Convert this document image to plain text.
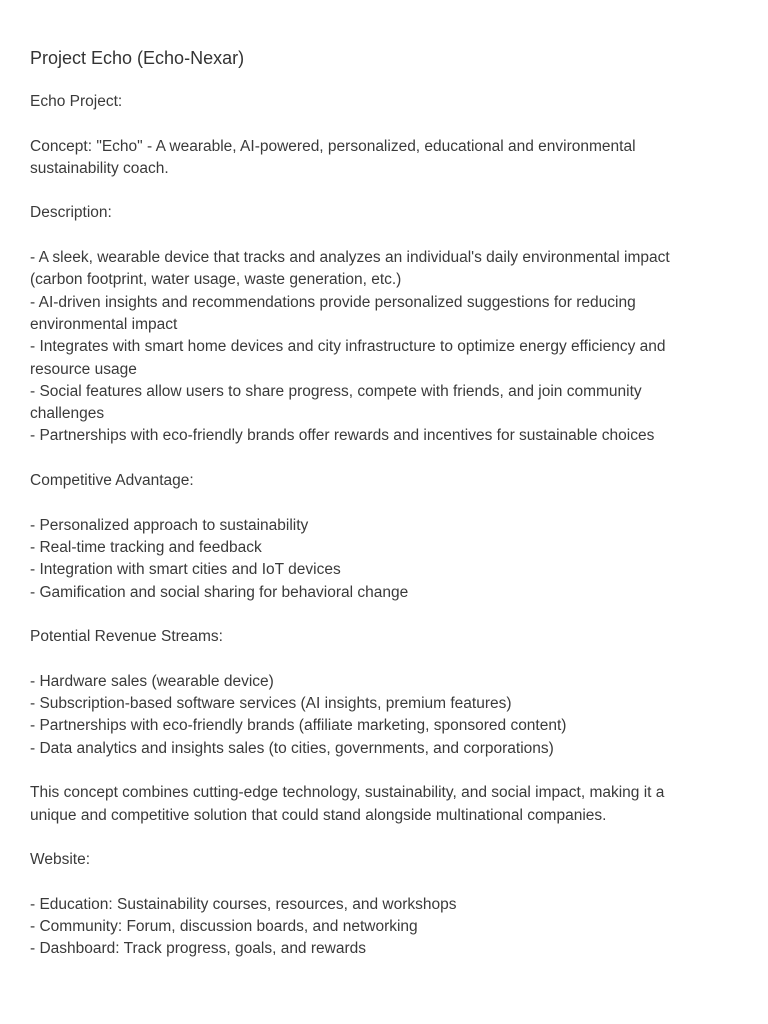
Project Echo (Echo-Nexar)

Echo Project:

Concept: "Echo" - A wearable, AI-powered, personalized, educational and environmental
sustainability coach.

Description:

- A sleek, wearable device that tracks and analyzes an individual's daily environmental impact
(carbon footprint, water usage, waste generation, etc.)
- AI-driven insights and recommendations provide personalized suggestions for reducing
environmental impact
- Integrates with smart home devices and city infrastructure to optimize energy efficiency and
resource usage
- Social features allow users to share progress, compete with friends, and join community
challenges
- Partnerships with eco-friendly brands offer rewards and incentives for sustainable choices

Competitive Advantage:

- Personalized approach to sustainability
- Real-time tracking and feedback
- Integration with smart cities and IoT devices
- Gamification and social sharing for behavioral change

Potential Revenue Streams:

- Hardware sales (wearable device)
- Subscription-based software services (AI insights, premium features)
- Partnerships with eco-friendly brands (affiliate marketing, sponsored content)
- Data analytics and insights sales (to cities, governments, and corporations)

This concept combines cutting-edge technology, sustainability, and social impact, making it a
unique and competitive solution that could stand alongside multinational companies.

Website:

- Education: Sustainability courses, resources, and workshops
- Community: Forum, discussion boards, and networking
- Dashboard: Track progress, goals, and rewards
